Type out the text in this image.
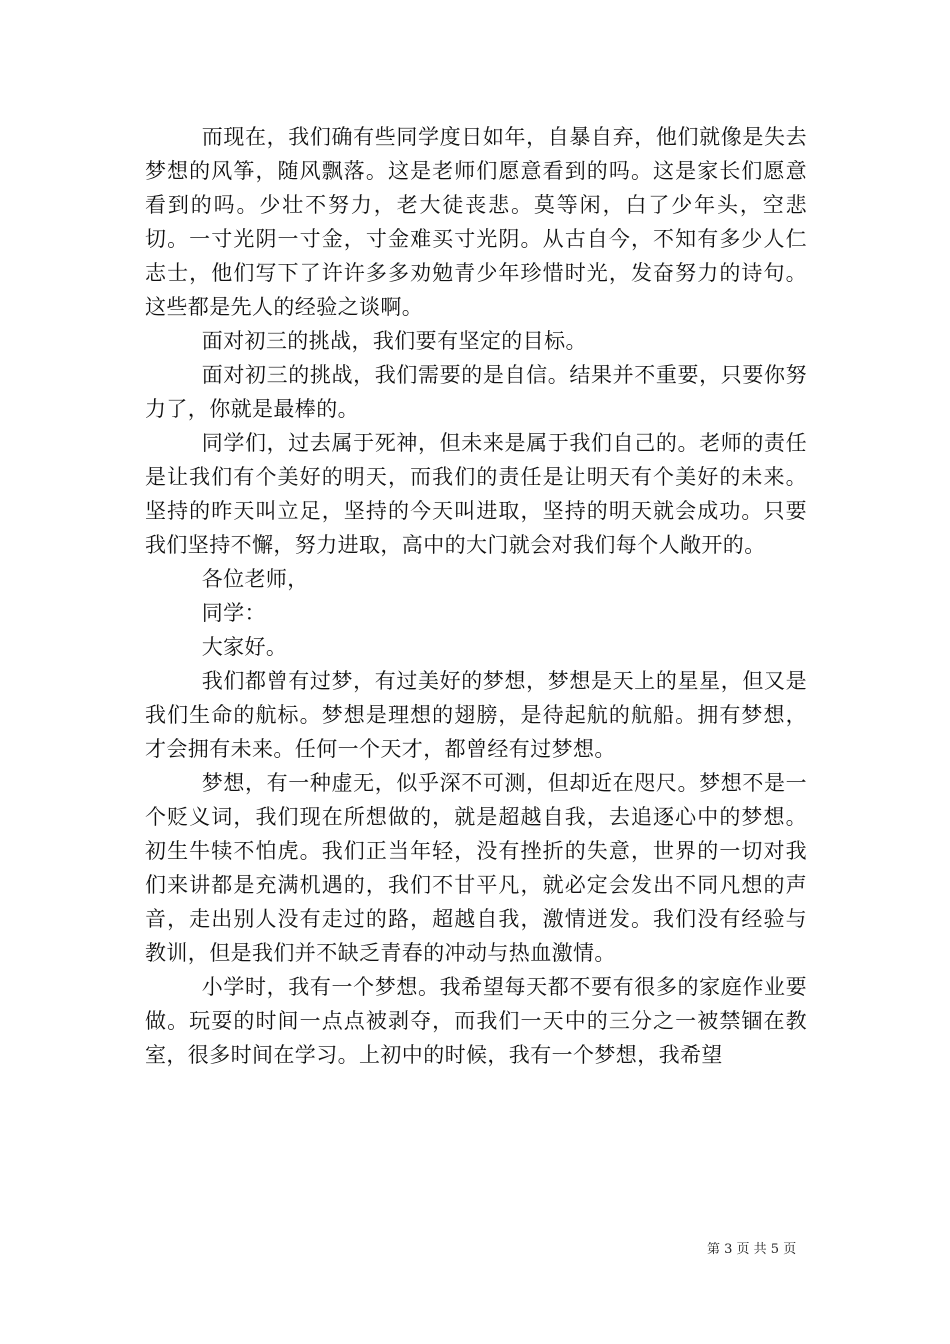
而现在，我们确有些同学度日如年，自暴自弃，他们就像是失去梦想的风筝，随风飘落。这是老师们愿意看到的吗。这是家长们愿意看到的吗。少壮不努力，老大徒丧悲。莫等闲，白了少年头，空悲切。一寸光阴一寸金，寸金难买寸光阴。从古自今，不知有多少人仁志士，他们写下了许许多多劝勉青少年珍惜时光，发奋努力的诗句。这些都是先人的经验之谈啊。

面对初三的挑战，我们要有坚定的目标。

面对初三的挑战，我们需要的是自信。结果并不重要，只要你努力了，你就是最棒的。

同学们，过去属于死神，但未来是属于我们自己的。老师的责任是让我们有个美好的明天，而我们的责任是让明天有个美好的未来。坚持的昨天叫立足，坚持的今天叫进取，坚持的明天就会成功。只要我们坚持不懈，努力进取，高中的大门就会对我们每个人敞开的。

各位老师，

同学：

大家好。

我们都曾有过梦，有过美好的梦想，梦想是天上的星星，但又是我们生命的航标。梦想是理想的翅膀，是待起航的航船。拥有梦想，才会拥有未来。任何一个天才，都曾经有过梦想。

梦想，有一种虚无，似乎深不可测，但却近在咫尺。梦想不是一个贬义词，我们现在所想做的，就是超越自我，去追逐心中的梦想。初生牛犊不怕虎。我们正当年轻，没有挫折的失意，世界的一切对我们来讲都是充满机遇的，我们不甘平凡，就必定会发出不同凡想的声音，走出别人没有走过的路，超越自我，激情迸发。我们没有经验与教训，但是我们并不缺乏青春的冲动与热血激情。

小学时，我有一个梦想。我希望每天都不要有很多的家庭作业要做。玩耍的时间一点点被剥夺，而我们一天中的三分之一被禁锢在教室，很多时间在学习。上初中的时候，我有一个梦想，我希望

第 3 页 共 5 页
